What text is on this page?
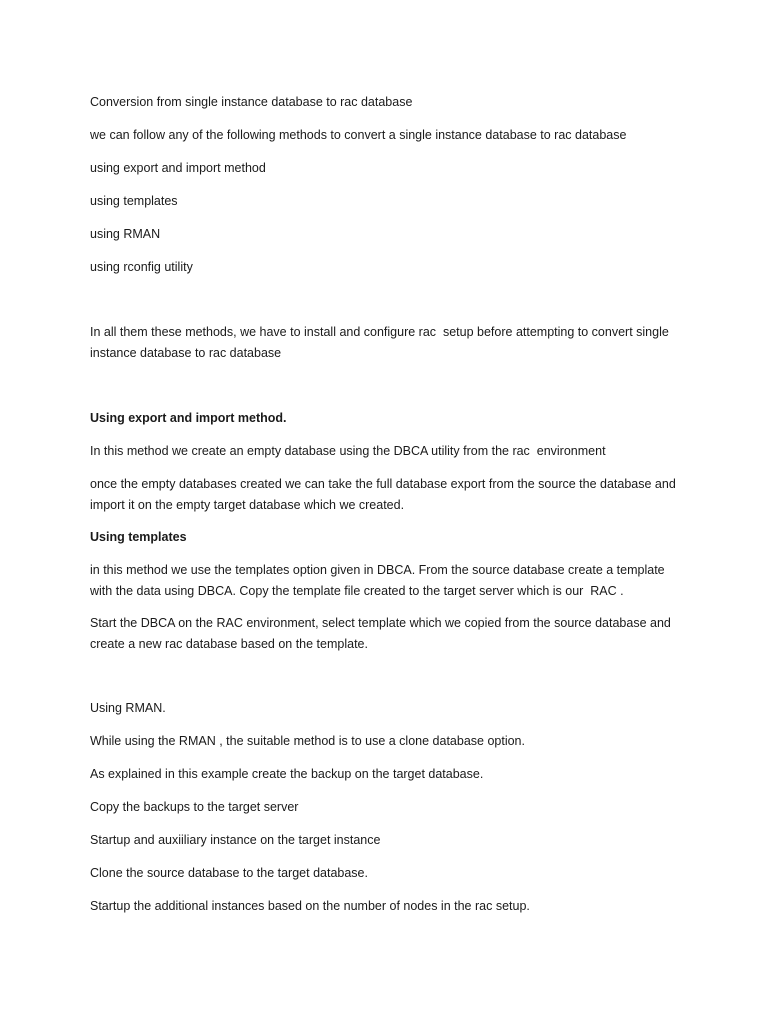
Conversion from single instance database to rac database

we can follow any of the following methods to convert a single instance database to rac database

using export and import method

using templates

using RMAN

using rconfig utility

In all them these methods, we have to install and configure rac  setup before attempting to convert single instance database to rac database

Using export and import method.

In this method we create an empty database using the DBCA utility from the rac  environment

once the empty databases created we can take the full database export from the source the database and import it on the empty target database which we created.

Using templates

in this method we use the templates option given in DBCA. From the source database create a template with the data using DBCA. Copy the template file created to the target server which is our  RAC .

Start the DBCA on the RAC environment, select template which we copied from the source database and create a new rac database based on the template.

Using RMAN.

While using the RMAN , the suitable method is to use a clone database option.

As explained in this example create the backup on the target database.

Copy the backups to the target server

Startup and auxiiliary instance on the target instance

Clone the source database to the target database.

Startup the additional instances based on the number of nodes in the rac setup.
